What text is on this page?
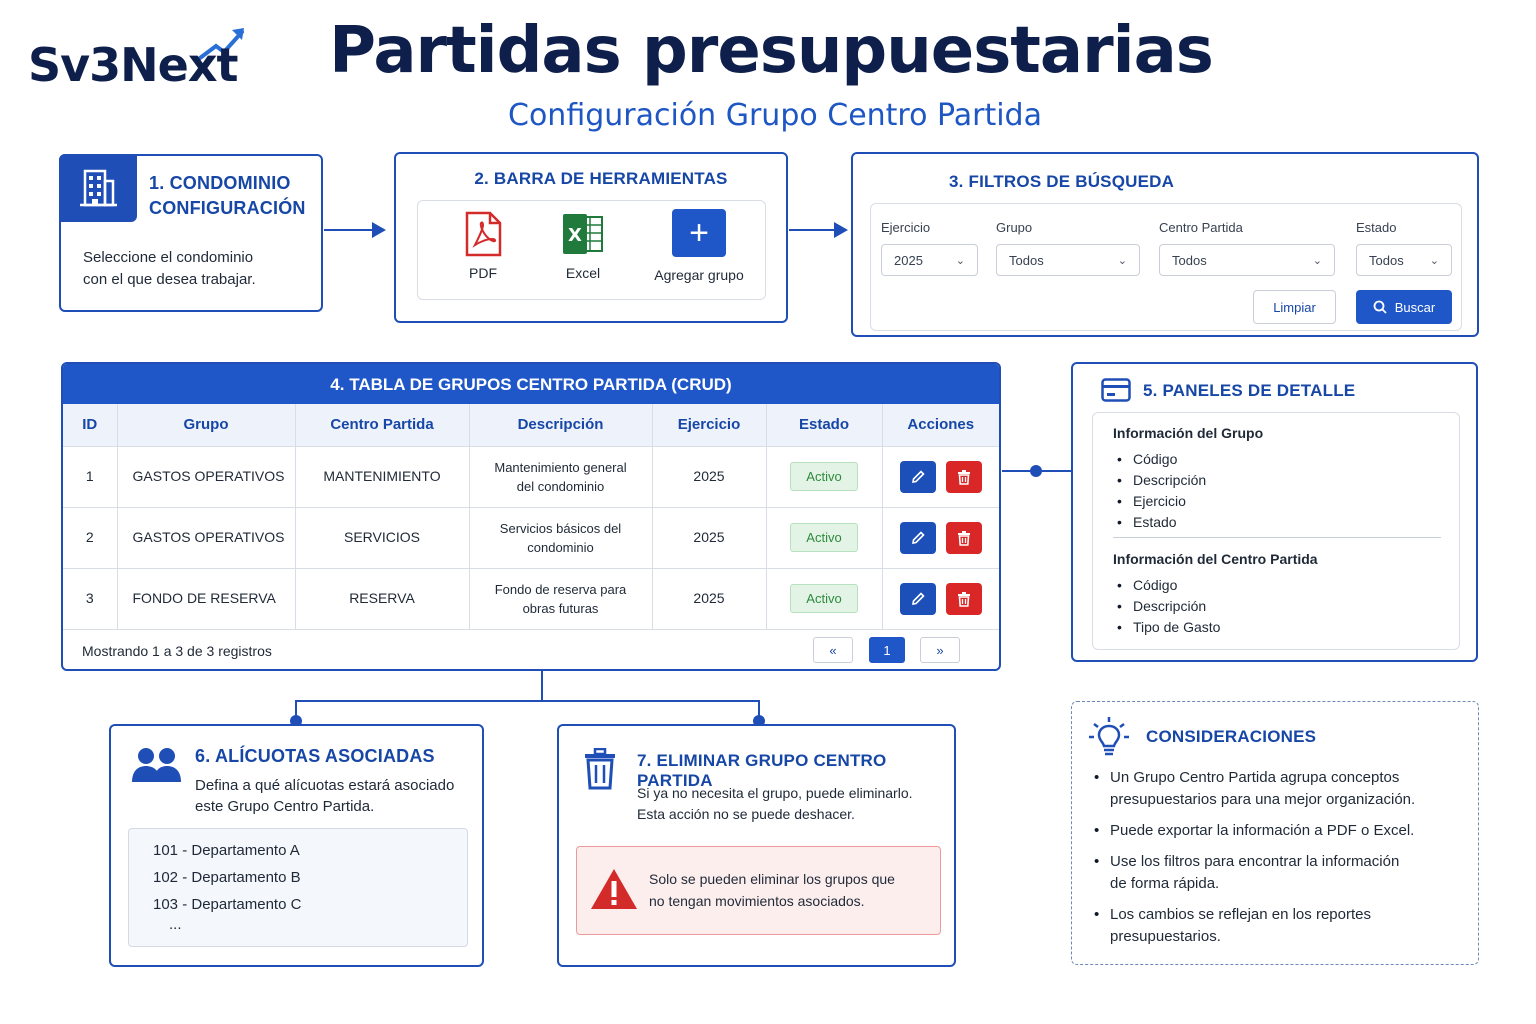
Sv3Next	Partidas presupuestarias
Configuración Grupo Centro Partida
1. CONDOMINIO
CONFIGURACIÓN
Seleccione el condominio
con el que desea trabajar.
2. BARRA DE HERRAMIENTAS
PDF
X
Excel
+
Agregar grupo
3. FILTROS DE BÚSQUEDA
Ejercicio
2025	⌄
Grupo
Todos	⌄
Centro Partida
Todos	⌄
Estado
Todos ⌄
Limpiar	Buscar
4. TABLA DE GRUPOS CENTRO PARTIDA (CRUD)
ID	Grupo	Centro Partida	Descripción	Ejercicio	Estado	Acciones
1	GASTOS OPERATIVOS	MANTENIMIENTO	Mantenimiento general
del condominio	2025	Activo	

2	GASTOS OPERATIVOS	SERVICIOS	Servicios básicos del
condominio	2025	Activo	

3	FONDO DE RESERVA	RESERVA	Fondo de reserva para
obras futuras	2025	Activo	

Mostrando 1 a 3 de 3 registros	«	1	»
5. PANELES DE DETALLE
Información del Grupo
• Código
• Descripción
• Ejercicio
• Estado
Información del Centro Partida
• Código
• Descripción
• Tipo de Gasto
6. ALÍCUOTAS ASOCIADAS
Defina a qué alícuotas estará asociado
este Grupo Centro Partida.
101 - Departamento A
102 - Departamento B
103 - Departamento C
...
7. ELIMINAR GRUPO CENTRO PARTIDA
Si ya no necesita el grupo, puede eliminarlo.
Esta acción no se puede deshacer.
Solo se pueden eliminar los grupos que
no tengan movimientos asociados.
CONSIDERACIONES
• Un Grupo Centro Partida agrupa conceptos
presupuestarios para una mejor organización.
• Puede exportar la información a PDF o Excel.
• Use los filtros para encontrar la información
de forma rápida.
• Los cambios se reflejan en los reportes
presupuestarios.
